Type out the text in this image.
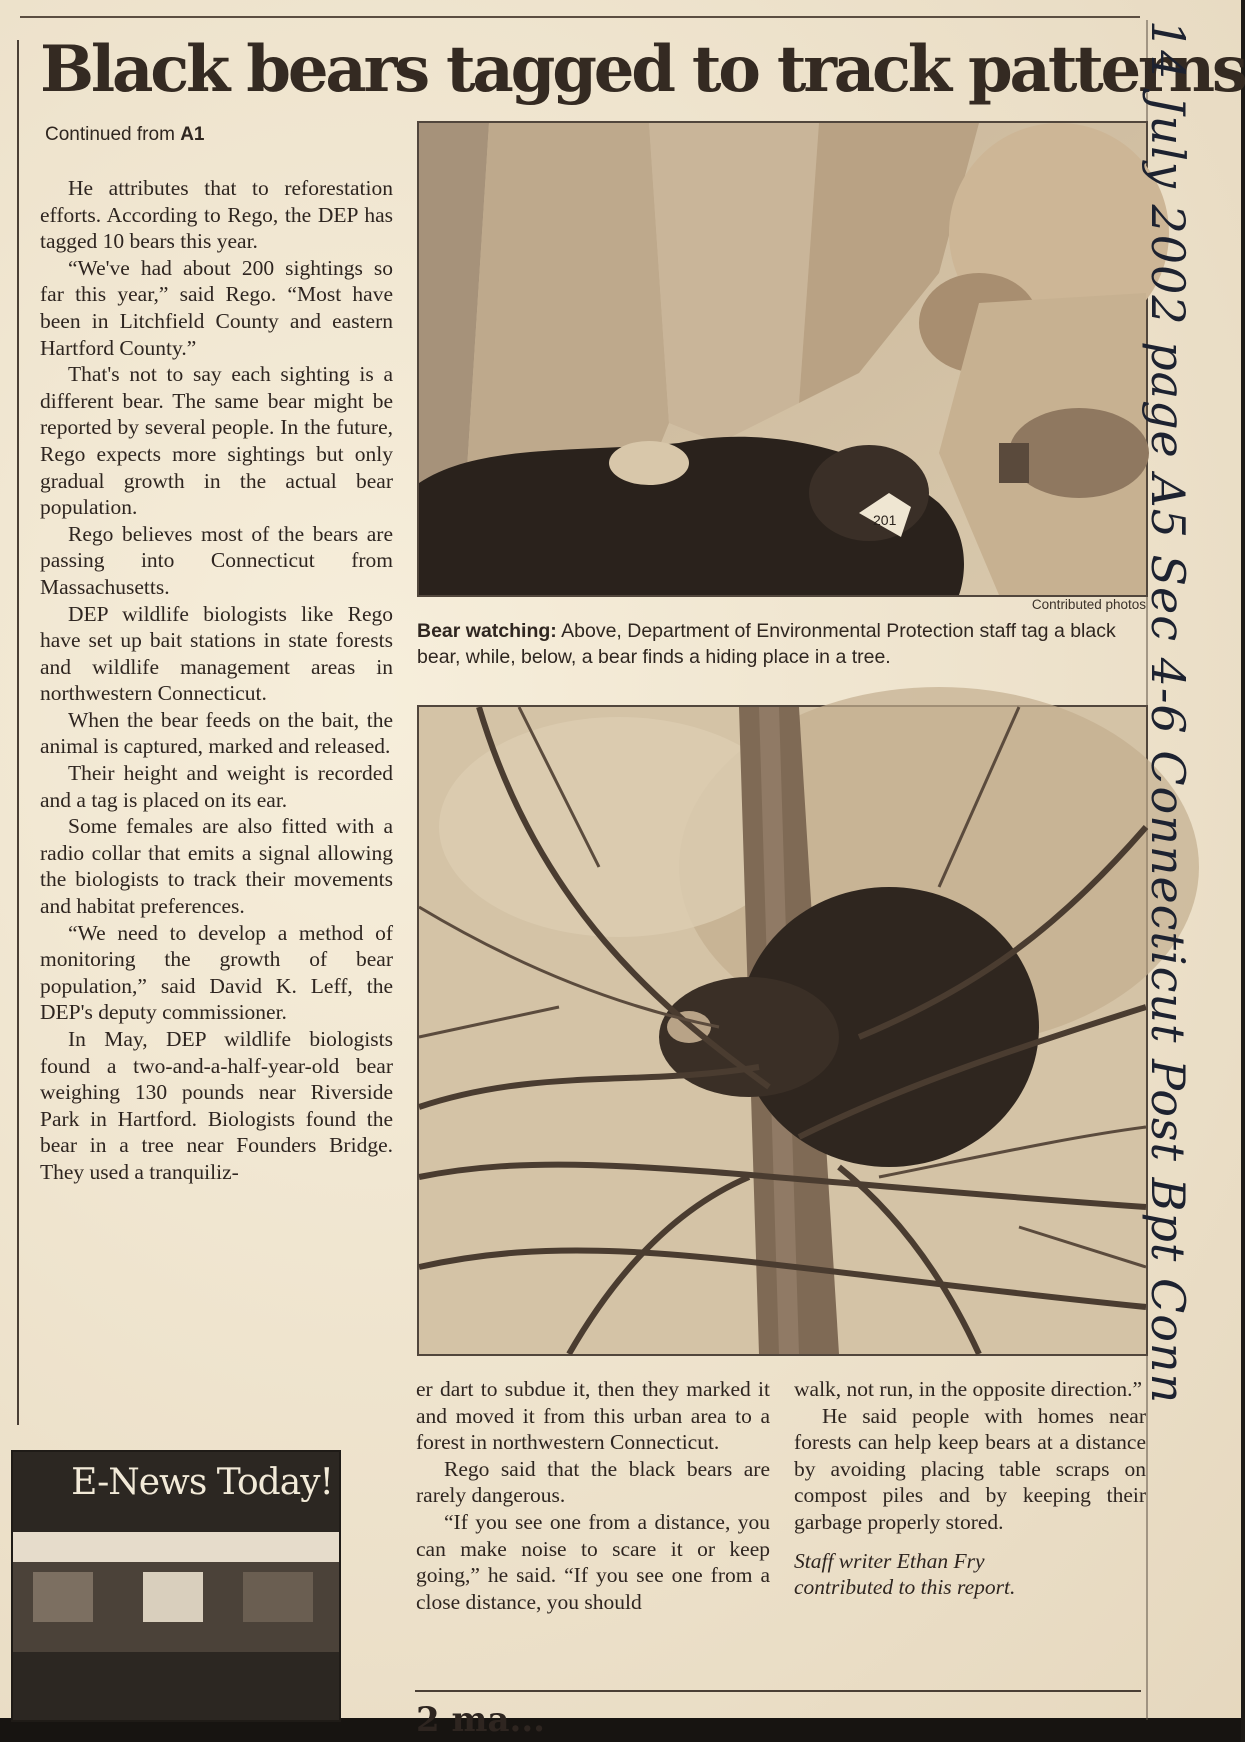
Black bears tagged to track patterns
Continued from A1

He attributes that to reforestation efforts. According to Rego, the DEP has tagged 10 bears this year.

“We've had about 200 sightings so far this year,” said Rego. “Most have been in Litchfield County and eastern Hartford County.”

That's not to say each sighting is a different bear. The same bear might be reported by several people. In the future, Rego expects more sightings but only gradual growth in the actual bear population.

Rego believes most of the bears are passing into Connecticut from Massachusetts.

DEP wildlife biologists like Rego have set up bait stations in state forests and wildlife management areas in northwestern Connecticut.

When the bear feeds on the bait, the animal is captured, marked and released.

Their height and weight is recorded and a tag is placed on its ear.

Some females are also fitted with a radio collar that emits a signal allowing the biologists to track their movements and habitat preferences.

“We need to develop a method of monitoring the growth of bear population,” said David K. Leff, the DEP's deputy commissioner.

In May, DEP wildlife biologists found a two-and-a-half-year-old bear weighing 130 pounds near Riverside Park in Hartford. Biologists found the bear in a tree near Founders Bridge. They used a tranquiliz-

201
Contributed photos
Bear watching: Above, Department of Environmental Protection staff tag a black bear, while, below, a bear finds a hiding place in a tree.

er dart to subdue it, then they marked it and moved it from this urban area to a forest in northwestern Connecticut.

Rego said that the black bears are rarely dangerous.

“If you see one from a distance, you can make noise to scare it or keep going,” he said. “If you see one from a close distance, you should

walk, not run, in the opposite direction.”

He said people with homes near forests can help keep bears at a distance by avoiding placing table scraps on compost piles and by keeping their garbage properly stored.

Staff writer Ethan Fry
contributed to this report.

E-News Today!
14 July 2002 page A5 Sec 4-6 Connecticut Post Bpt Conn
